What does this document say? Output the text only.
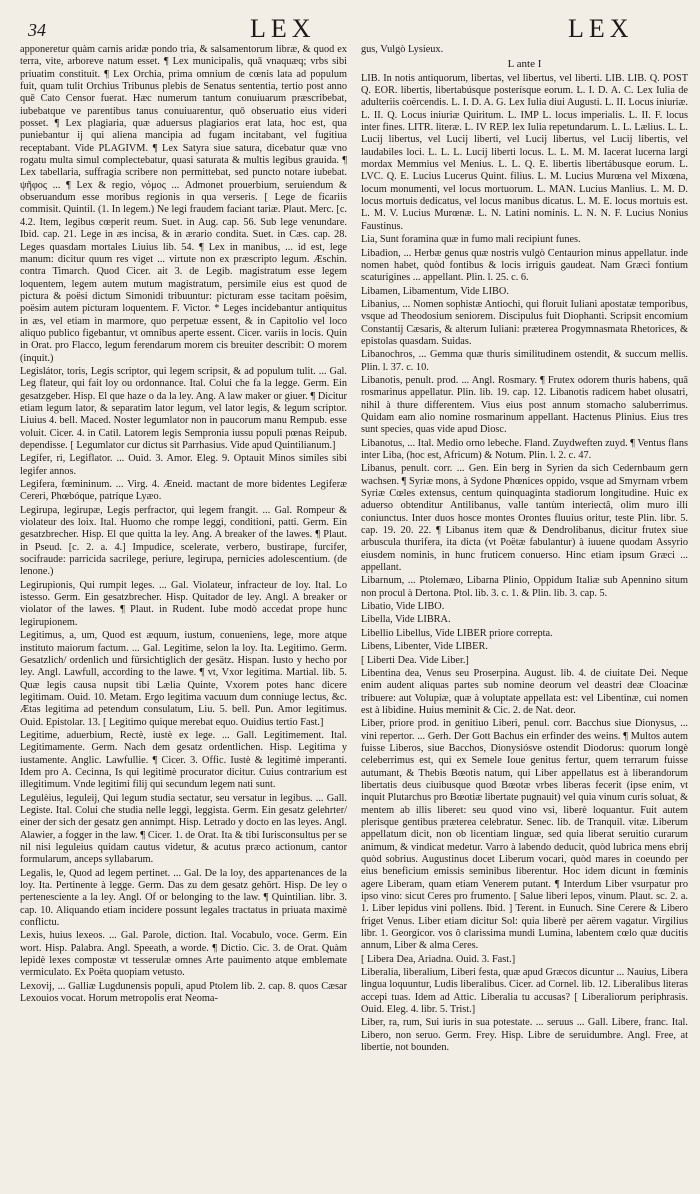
34	LEX	LEX

apponeretur quàm carnis aridæ pondo tria, & salsamentorum libræ, & quod ex terra, vite, arboreve natum esset. ¶ Lex municipalis, quā vnaquæq; vrbs sibi priuatim constituit. ¶ Lex Orchia, prima omnium de cœnis lata ad populum fuit, quam tulit Orchius Tribunus plebis de Senatus sententia, tertio post anno quē Cato Censor fuerat. Hæc numerum tantum conuiuarum præscribebat, iubebatque ve parentibus tanus conuiuarentur, quō obseruatio eius videri posset. ¶ Lex plagiaria, quæ aduersus plagiarios erat lata, hoc est, qua puniebantur ij qui aliena mancipia ad fugam incitabant, vel fugitiua receptabant. Vide PLAGIVM. ¶ Lex Satyra siue satura, dicebatur quæ vno rogatu multa simul complectebatur, quasi saturata & multis legibus grauida. ¶ Lex tabellaria, suffragia scribere non permittebat, sed puncto notare iubebat. ψῆφος ... ¶ Lex & regio, νόμος ... Admonet prouerbium, seruiendum & obseruandum esse moribus regionis in qua verseris. [ Lege de ficariis commisit. Quintil. (1. In legem.) Ne legi fraudem faciant tariæ. Plaut. Merc. [c. 4.2. Item, legibus cœperit reum. Suet. in Aug. cap. 56. Sub lege venundare. Ibid. cap. 21. Lege in æs incisa, & in ærario condita. Suet. in Cæs. cap. 28. Leges quasdam mortales Liuius lib. 54. ¶ Lex in manibus, ... id est, lege manum: dicitur quum res viget ... virtute non ex præscripto legum. Æschin. contra Timarch. Quod Cicer. ait 3. de Legib. magistratum esse legem loquentem, legem autem mutum magistratum, persimile eius est quod de pictura & poësi dictum Simonidi tribuuntur: picturam esse tacitam poësim, poësim autem picturam loquentem. F. Victor. * Leges incidebantur antiquitus in æs, vel etiam in marmore, quo perpetuæ essent, & in Capitolio vel loco aliquo publico figebantur, vt omnibus aperte essent. Cicer. variis in locis. Quin in Orat. pro Flacco, legum ferendarum morem cis breuiter describit: O morem (inquit.)

Legislátor, toris, Legis scriptor, qui legem scripsit, & ad populum tulit. ... Gal. Leg flateur, qui fait loy ou ordonnance. Ital. Colui che fa la legge. Germ. Ein gesatzgeber. Hisp. El que haze o da la ley. Ang. A law maker or giuer. ¶ Dicitur etiam legum lator, & separatim lator legum, vel lator legis, & legum scriptor. Liuius 4. bell. Maced. Noster legumlator non in paucorum manu Rempub. esse voluit. Cicer. 4. in Catil. Latorem legis Sempronia iussu populi pœnas Reipub. dependisse. [ Legumlator cur dictus sit Parrhasius. Vide apud Quintilianum.]

Legífer, ri, Legiflator. ... Ouid. 3. Amor. Eleg. 9. Optauit Minos similes sibi legifer annos.

Legifera, fœmininum. ... Virg. 4. Æneid. mactant de more bidentes Legiferæ Cereri, Phœbóque, patríque Lyæo.

Legirupa, legirupæ, Legis perfractor, qui legem frangit. ... Gal. Rompeur & violateur des loix. Ital. Huomo che rompe leggi, conditioni, patti. Germ. Ein gesatzbrecher. Hisp. El que quitta la ley. Ang. A breaker of the lawes. ¶ Plaut. in Pseud. [c. 2. a. 4.] Impudice, scelerate, verbero, bustirape, furcifer, socifraude: parricida sacrilege, periure, legirupa, pernicies adolescentium. (de lenone.)

Legirupionis, Qui rumpit leges. ... Gal. Violateur, infracteur de loy. Ital. Lo istesso. Germ. Ein gesatzbrecher. Hisp. Quitador de ley. Angl. A breaker or violator of the lawes. ¶ Plaut. in Rudent. Iube modò accedat prope hunc legirupionem.

Legitimus, a, um, Quod est æquum, iustum, conueniens, lege, more atque instituto maiorum factum. ... Gal. Legitime, selon la loy. Ita. Legitimo. Germ. Gesatzlich/ ordenlich und fürsichtiglich der gesätz. Hispan. Iusto y hecho por ley. Angl. Lawfull, according to the lawe. ¶ vt, Vxor legitima. Martial. lib. 5. Quæ legis causa nupsit tibi Lælia Quinte, Vxorem potes hanc dicere legitimam. Ouid. 10. Metam. Ergo legitima vacuum dum conniuge lectus, &c. Ætas legitima ad petendum consulatum, Liu. 5. bell. Pun. Amor legitimus. Ouid. Epistolar. 13. [ Legitimo quique merebat equo. Ouidius tertio Fast.]

Legitime, aduerbium, Rectè, iustè ex lege. ... Gall. Legitimement. Ital. Legitimamente. Germ. Nach dem gesatz ordentlichen. Hisp. Legitima y iustamente. Anglic. Lawfullie. ¶ Cicer. 3. Offic. Iustè & legitimè imperanti. Idem pro A. Cecinna, Is qui legitimè procurator dicitur. Cuius contrarium est illegitimum. Vnde legitimi filij qui secundum legem nati sunt.

Legulèius, leguleij, Qui legum studia sectatur, seu versatur in legibus. ... Gall. Legiste. Ital. Colui che studia nelle leggi, leggista. Germ. Ein gesatz gelehrter/ einer der sich der gesatz gen annimpt. Hisp. Letrado y docto en las leyes. Angl. Alawier, a fogger in the law. ¶ Cicer. 1. de Orat. Ita & tibi Iurisconsultus per se nil nisi leguleius quidam cautus videtur, & acutus præco actionum, cantor formularum, anceps syllabarum.

Legalis, le, Quod ad legem pertinet. ... Gal. De la loy, des appartenances de la loy. Ita. Pertinente à legge. Germ. Das zu dem gesatz gehört. Hisp. De ley o pertenesciente a la ley. Angl. Of or belonging to the law. ¶ Quintilian. libr. 3. cap. 10. Aliquando etiam incidere possunt legales tractatus in priuata maximè conflictu.

Lexis, huius lexeos. ... Gal. Parole, diction. Ital. Vocabulo, voce. Germ. Ein wort. Hisp. Palabra. Angl. Speeath, a worde. ¶ Dictio. Cic. 3. de Orat. Quàm lepidè lexes compostæ vt tesserulæ omnes Arte pauimento atque emblemate vermiculato. Ex Poëta quopiam vetusto.

Lexovij, ... Galliæ Lugdunensis populi, apud Ptolem lib. 2. cap. 8. quos Cæsar Lexouios vocat. Horum metropolis erat Neoma-

gus, Vulgò Lysieux.

L ante I

LIB. In notis antiquorum, libertas, vel libertus, vel liberti. LIB. LIB. Q. POST Q. EOR. libertis, libertabúsque posterísque eorum. L. I. D. A. C. Lex Iulia de adulteriis coërcendis. L. I. D. A. G. Lex Iulia diui Augusti. L. II. Locus iniuriæ. L. II. Q. Locus iniuriæ Quiritum. L. IMP L. locus imperialis. L. II. F. locus inter fines. LITR. literæ. L. IV REP. lex Iulia repetundarum. L. L. Lælius. L. L. Lucij libertus, vel Lucij liberti, vel Lucij libertus, vel Lucij libertis, vel laudabiles loci. L. L. L. Lucij liberti locus. L. L. M. M. Iacerat lucerna largi mordax Memmius vel Menius. L. L. Q. E. libertis libertábusque eorum. L. LVC. Q. E. Lucius Lucerus Quint. filius. L. M. Lucius Murœna vel Mixœna, locum monumenti, vel locus mortuorum. L. MAN. Lucius Manlius. L. M. D. locus mortuis dedicatus, vel locus manibus dicatus. L. M. E. locus mortuis est. L. M. V. Lucius Murœnæ. L. N. Latini nominis. L. N. N. F. Lucius Nonius Faustinus.

Lia, Sunt foramina quæ in fumo mali recipiunt funes.

Libadion, ... Herbæ genus quæ nostris vulgò Centaurion minus appellatur. inde nomen habet, quòd fontibus & locis irriguis gaudeat. Nam Græci fontium scaturigines ... appellant. Plin. l. 25. c. 6.

Libamen, Libamentum, Vide LIBO.

Libanius, ... Nomen sophistæ Antiochi, qui floruit Iuliani apostatæ temporibus, vsque ad Theodosium seniorem. Discipulus fuit Diophanti. Scripsit encomium Constantij Cæsaris, & alterum Iuliani: præterea Progymnasmata Rhetorices, & epistolas quasdam. Suidas.

Libanochros, ... Gemma quæ thuris similitudinem ostendit, & succum mellis. Plin. l. 37. c. 10.

Libanotis, penult. prod. ... Angl. Rosmary. ¶ Frutex odorem thuris habens, quā rosmarinus appellatur. Plin. lib. 19. cap. 12. Libanotis radicem habet olusatri, nihil à thure differentem. Vius eius post annum stomacho saluberrimus. Quidam eam alio nomine rosmarinum appellant. Hactenus Plinius. Eius tres sunt species, quas vide apud Diosc.

Libanotus, ... Ital. Medio orno lebeche. Fland. Zuydweften zuyd. ¶ Ventus flans inter Liba, (hoc est, Africum) & Notum. Plin. l. 2. c. 47.

Libanus, penult. corr. ... Gen. Ein berg in Syrien da sich Cedernbaum gern wachsen. ¶ Syriæ mons, à Sydone Phœnices oppido, vsque ad Smyrnam vrbem Syriæ Cœles extensus, centum quinquaginta stadiorum longitudine. Huic ex aduerso obtenditur Antilibanus, valle tantùm interiectâ, olim muro illi coniunctus. Inter duos hosce montes Orontes fluuius oritur, teste Plin. libr. 5. cap. 19. 20. 22. ¶ Libanus item quæ & Dendrolibanus, dicitur frutex siue arbuscula thurifera, ita dicta (vt Poëtæ fabulantur) à iuuene quodam Assyrio eiusdem nominis, in hunc fruticem conuerso. Hinc etiam ipsum Græci ... appellant.

Libarnum, ... Ptolemæo, Libarna Plinio, Oppidum Italiæ sub Apennino situm non procul à Dertona. Ptol. lib. 3. c. 1. & Plin. lib. 3. cap. 5.

Libatio, Vide LIBO.

Libella, Vide LIBRA.

Libellio Libellus, Vide LIBER priore correpta.

Libens, Libenter, Vide LIBER.

[ Liberti Dea. Vide Liber.]

Libentina dea, Venus seu Proserpina. August. lib. 4. de ciuitate Dei. Neque enim audent aliquas partes sub nomine deorum vel deastri deæ Cloacinæ tribuere: aut Volupiæ, quæ à voluptate appellata est: vel Libentinæ, cui nomen est à libidine. Huius meminit & Cic. 2. de Nat. deor.

Liber, priore prod. in genitiuo Liberi, penul. corr. Bacchus siue Dionysus, ... vini repertor. ... Gerh. Der Gott Bachus ein erfinder des weins. ¶ Multos autem fuisse Liberos, siue Bacchos, Dionysiósve ostendit Diodorus: quorum longè celeberrimus est, qui ex Semele Ioue genitus fertur, quem terrarum fuisse autumant, & Thebis Bœotis natum, qui Liber appellatus est à liberandorum libertatis deus ciuibusque quod Bœotæ vrbes liberas fecerit (ipse enim, vt inquit Plutarchus pro Bœotiæ libertate pugnauit) vel quia vinum curis soluat, & mentem ab illis liberet: seu quod vino vsi, liberè loquantur. Fuit autem plerisque gentibus præterea celebratur. Senec. lib. de Tranquil. vitæ. Liberum appellatum dicit, non ob licentiam linguæ, sed quia liberat seruitio curarum animum, & vindicat medetur. Varro à labendo deducit, quòd lubrica mens ebrij quòd sobrius. Augustinus docet Liberum vocari, quòd mares in coeundo per eius beneficium emissis seminibus liberentur. Hoc idem dicunt in fœminis agere Liberam, quam etiam Venerem putant. ¶ Interdum Liber vsurpatur pro ipso vino: sicut Ceres pro frumento. [ Salue liberi lepos, vinum. Plaut. sc. 2. a. 1. Liber lepidus vini pollens. Ibid. ] Terent. in Eunuch. Sine Cerere & Libero friget Venus. Liber etiam dicitur Sol: quia liberè per aërem vagatur. Virgilius libr. 1. Georgicor. vos ô clarissima mundi Lumina, labentem cœlo quæ ducitis annum, Liber & alma Ceres.

[ Libera Dea, Ariadna. Ouid. 3. Fast.]

Liberalia, liberalium, Liberi festa, quæ apud Græcos dicuntur ... Nauius, Libera lingua loquuntur, Ludis liberalibus. Cicer. ad Cornel. lib. 12. Liberalibus literas accepi tuas. Idem ad Attic. Liberalia tu accusas? [ Liberaliorum periphrasis. Ouid. Eleg. 4. libr. 5. Trist.]

Liber, ra, rum, Sui iuris in sua potestate. ... seruus ... Gall. Libere, franc. Ital. Libero, non seruo. Germ. Frey. Hisp. Libre de seruidumbre. Angl. Free, at libertie, not bounden.
